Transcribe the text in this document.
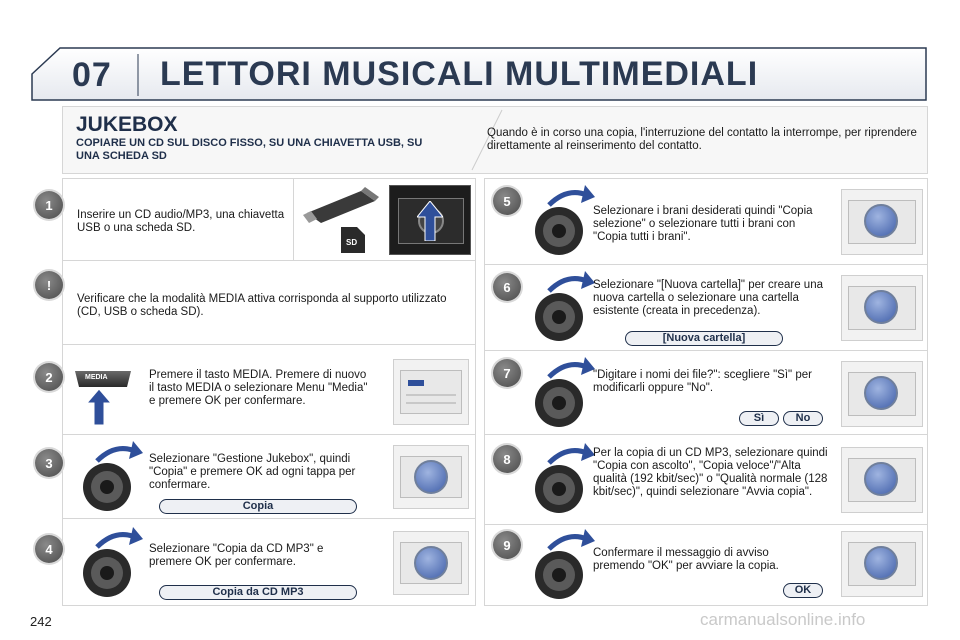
07 LETTORI MUSICALI MULTIMEDIALI
JUKEBOX
COPIARE UN CD SUL DISCO FISSO, SU UNA CHIAVETTA USB, SU UNA SCHEDA SD
Quando è in corso una copia, l'interruzione del contatto la interrompe, per riprendere direttamente al reinserimento del contatto.
1
Inserire un CD audio/MP3, una chiavetta USB o una scheda SD.
SD
!
Verificare che la modalità MEDIA attiva corrisponda al supporto utilizzato (CD, USB o scheda SD).
2	MEDIA	Premere il tasto MEDIA. Premere di nuovo il tasto MEDIA o selezionare Menu "Media" e premere OK per confermare.
3	Selezionare "Gestione Jukebox", quindi "Copia" e premere OK ad ogni tappa per confermare.
Copia
4	Selezionare "Copia da CD MP3" e premere OK per confermare.
Copia da CD MP3
5
Selezionare i brani desiderati quindi "Copia selezione" o selezionare tutti i brani con "Copia tutti i brani".
6	Selezionare "[Nuova cartella]" per creare una nuova cartella o selezionare una cartella esistente (creata in precedenza).
[Nuova cartella]
7	"Digitare i nomi dei file?": scegliere "Sì" per modificarli oppure "No".
Sì	No
8	Per la copia di un CD MP3, selezionare quindi "Copia con ascolto", "Copia veloce"/"Alta qualità (192 kbit/sec)" o "Qualità normale (128 kbit/sec)", quindi selezionare "Avvia copia".
9
Confermare il messaggio di avviso premendo "OK" per avviare la copia.
OK
242	carmanualsonline.info
